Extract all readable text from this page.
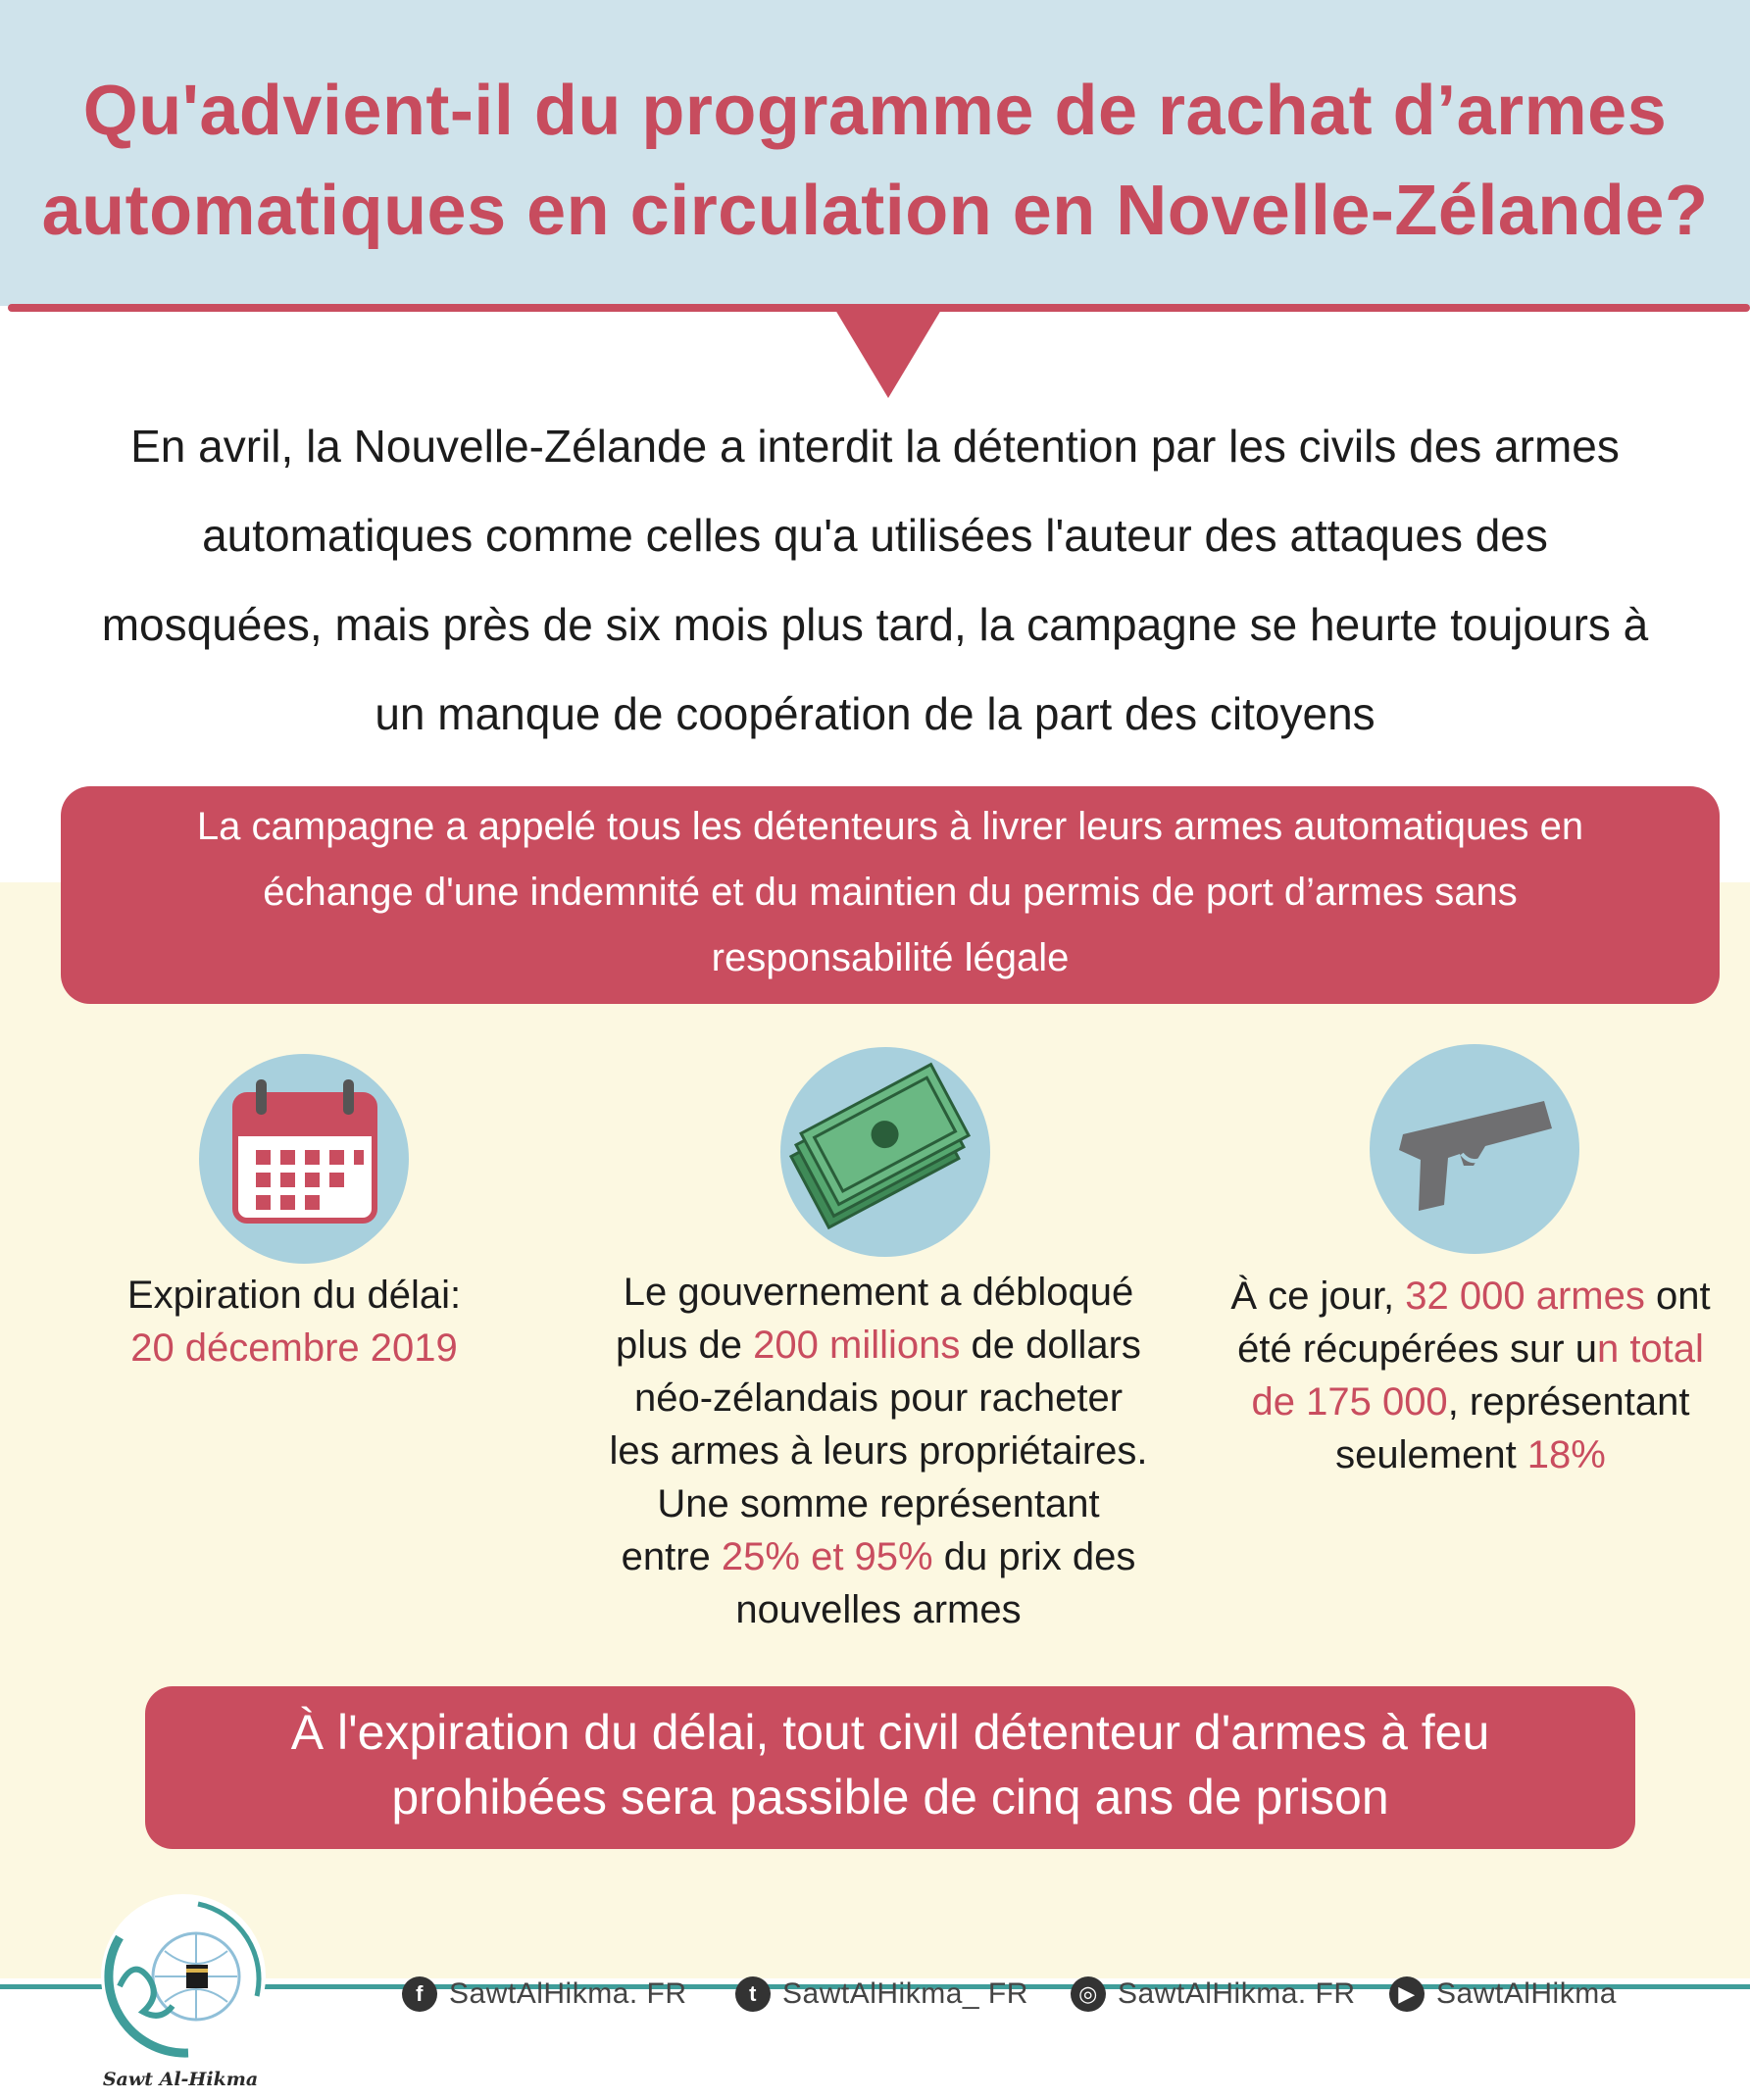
Qu'advient-il du programme de rachat d’armes
automatiques en circulation en Novelle-Zélande?
En avril, la Nouvelle-Zélande a interdit la détention par les civils des armes
automatiques comme celles qu'a utilisées l'auteur des attaques des
mosquées, mais près de six mois plus tard, la campagne se heurte toujours à
un manque de coopération de la part des citoyens
La campagne a appelé tous les détenteurs à livrer leurs armes automatiques en
échange d'une indemnité et du maintien du permis de port d’armes sans
responsabilité légale
Expiration du délai:
20 décembre 2019
Le gouvernement a débloqué
plus de 200 millions de dollars
néo-zélandais pour racheter
les armes à leurs propriétaires.
Une somme représentant
entre 25% et 95% du prix des
nouvelles armes
À ce jour, 32 000 armes ont
été récupérées sur un total
de 175 000, représentant
seulement 18%
À l'expiration du délai, tout civil détenteur d'armes à feu
prohibées sera passible de cinq ans de prison
Sawt Al-Hikma
f SawtAlHikma. FR	t SawtAlHikma_ FR	◎ SawtAlHikma. FR	▶ SawtAlHikma
